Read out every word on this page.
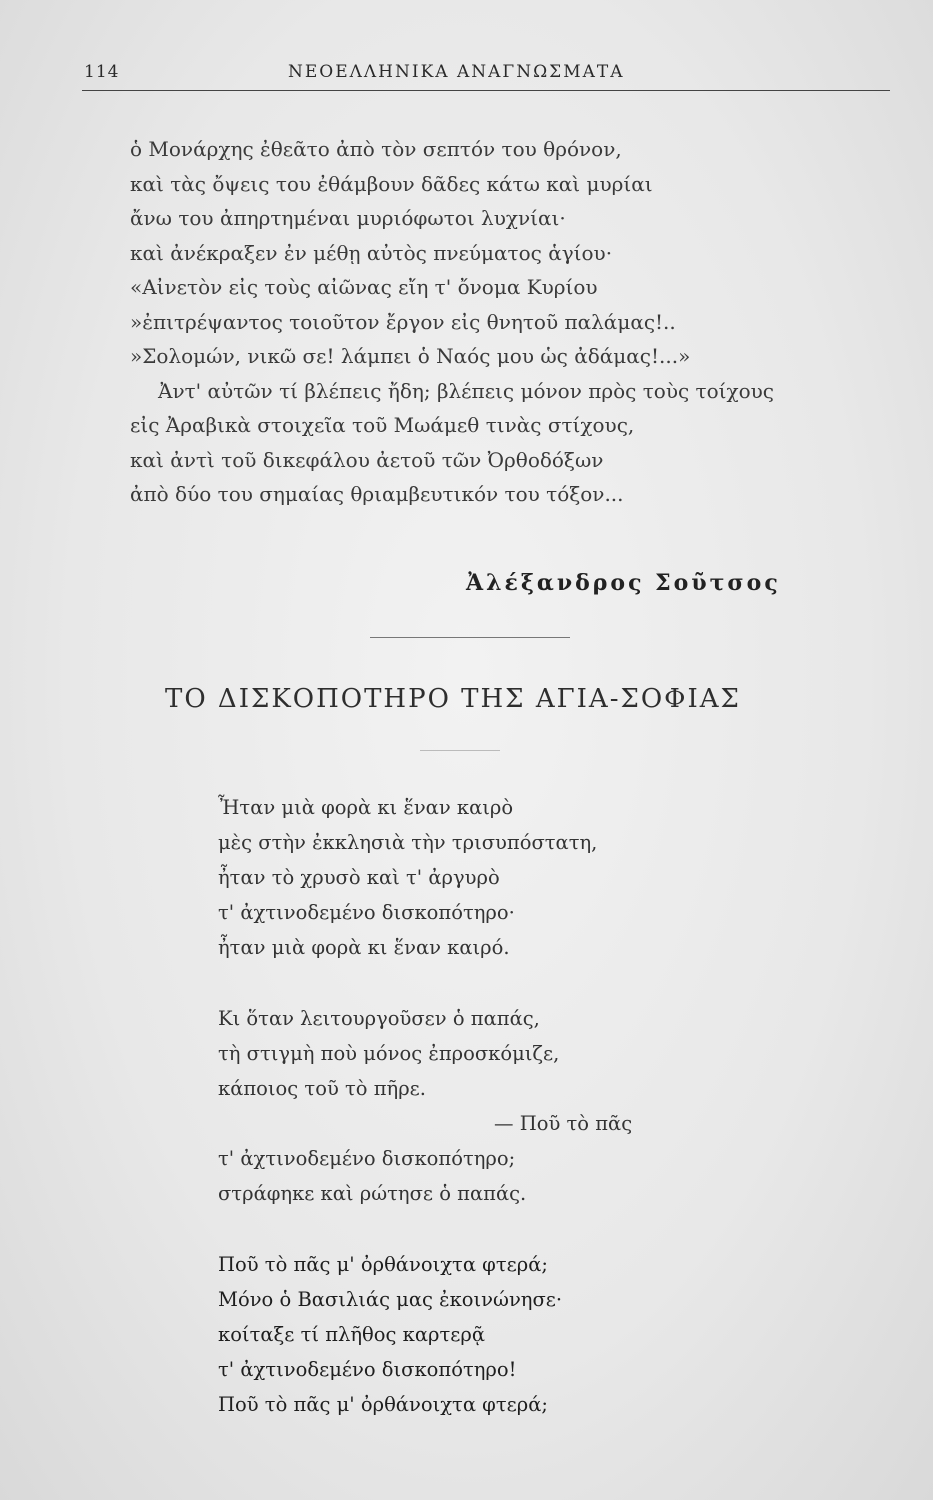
114	ΝΕΟΕΛΛΗΝΙΚΑ ΑΝΑΓΝΩΣΜΑΤΑ
ὁ Μονάρχης ἐθεᾶτο ἀπὸ τὸν σεπτόν του θρόνον,
καὶ τὰς ὄψεις του ἐθάμβουν δᾶδες κάτω καὶ μυρίαι
ἄνω του ἀπηρτημέναι μυριόφωτοι λυχνίαι·
καὶ ἀνέκραξεν ἐν μέθῃ αὐτὸς πνεύματος ἁγίου·
«Αἰνετὸν εἰς τοὺς αἰῶνας εἴη τ' ὄνομα Κυρίου
»ἐπιτρέψαντος τοιοῦτον ἔργον εἰς θνητοῦ παλάμας!..
»Σολομών, νικῶ σε! λάμπει ὁ Ναός μου ὡς ἀδάμας!...»
Ἀντ' αὐτῶν τί βλέπεις ἤδη; βλέπεις μόνον πρὸς τοὺς τοίχους
εἰς Ἀραβικὰ στοιχεῖα τοῦ Μωάμεθ τινὰς στίχους,
καὶ ἀντὶ τοῦ δικεφάλου ἀετοῦ τῶν Ὀρθοδόξων
ἀπὸ δύο του σημαίας θριαμβευτικόν του τόξον...
Ἀλέξανδρος Σοῦτσος
ΤΟ ΔΙΣΚΟΠΟΤΗΡΟ ΤΗΣ ΑΓΙΑ-ΣΟΦΙΑΣ
Ἦταν μιὰ φορὰ κι ἕναν καιρὸ
μὲς στὴν ἐκκλησιὰ τὴν τρισυπόστατη,
ἦταν τὸ χρυσὸ καὶ τ' ἀργυρὸ
τ' ἀχτινοδεμένο δισκοπότηρο·
ἦταν μιὰ φορὰ κι ἕναν καιρό.
Κι ὅταν λειτουργοῦσεν ὁ παπάς,
τὴ στιγμὴ ποὺ μόνος ἐπροσκόμιζε,
κάποιος τοῦ τὸ πῆρε.
— Ποῦ τὸ πᾶς
τ' ἀχτινοδεμένο δισκοπότηρο;
στράφηκε καὶ ρώτησε ὁ παπάς.
Ποῦ τὸ πᾶς μ' ὀρθάνοιχτα φτερά;
Μόνο ὁ Βασιλιάς μας ἐκοινώνησε·
κοίταξε τί πλῆθος καρτερᾷ
τ' ἀχτινοδεμένο δισκοπότηρο!
Ποῦ τὸ πᾶς μ' ὀρθάνοιχτα φτερά;
